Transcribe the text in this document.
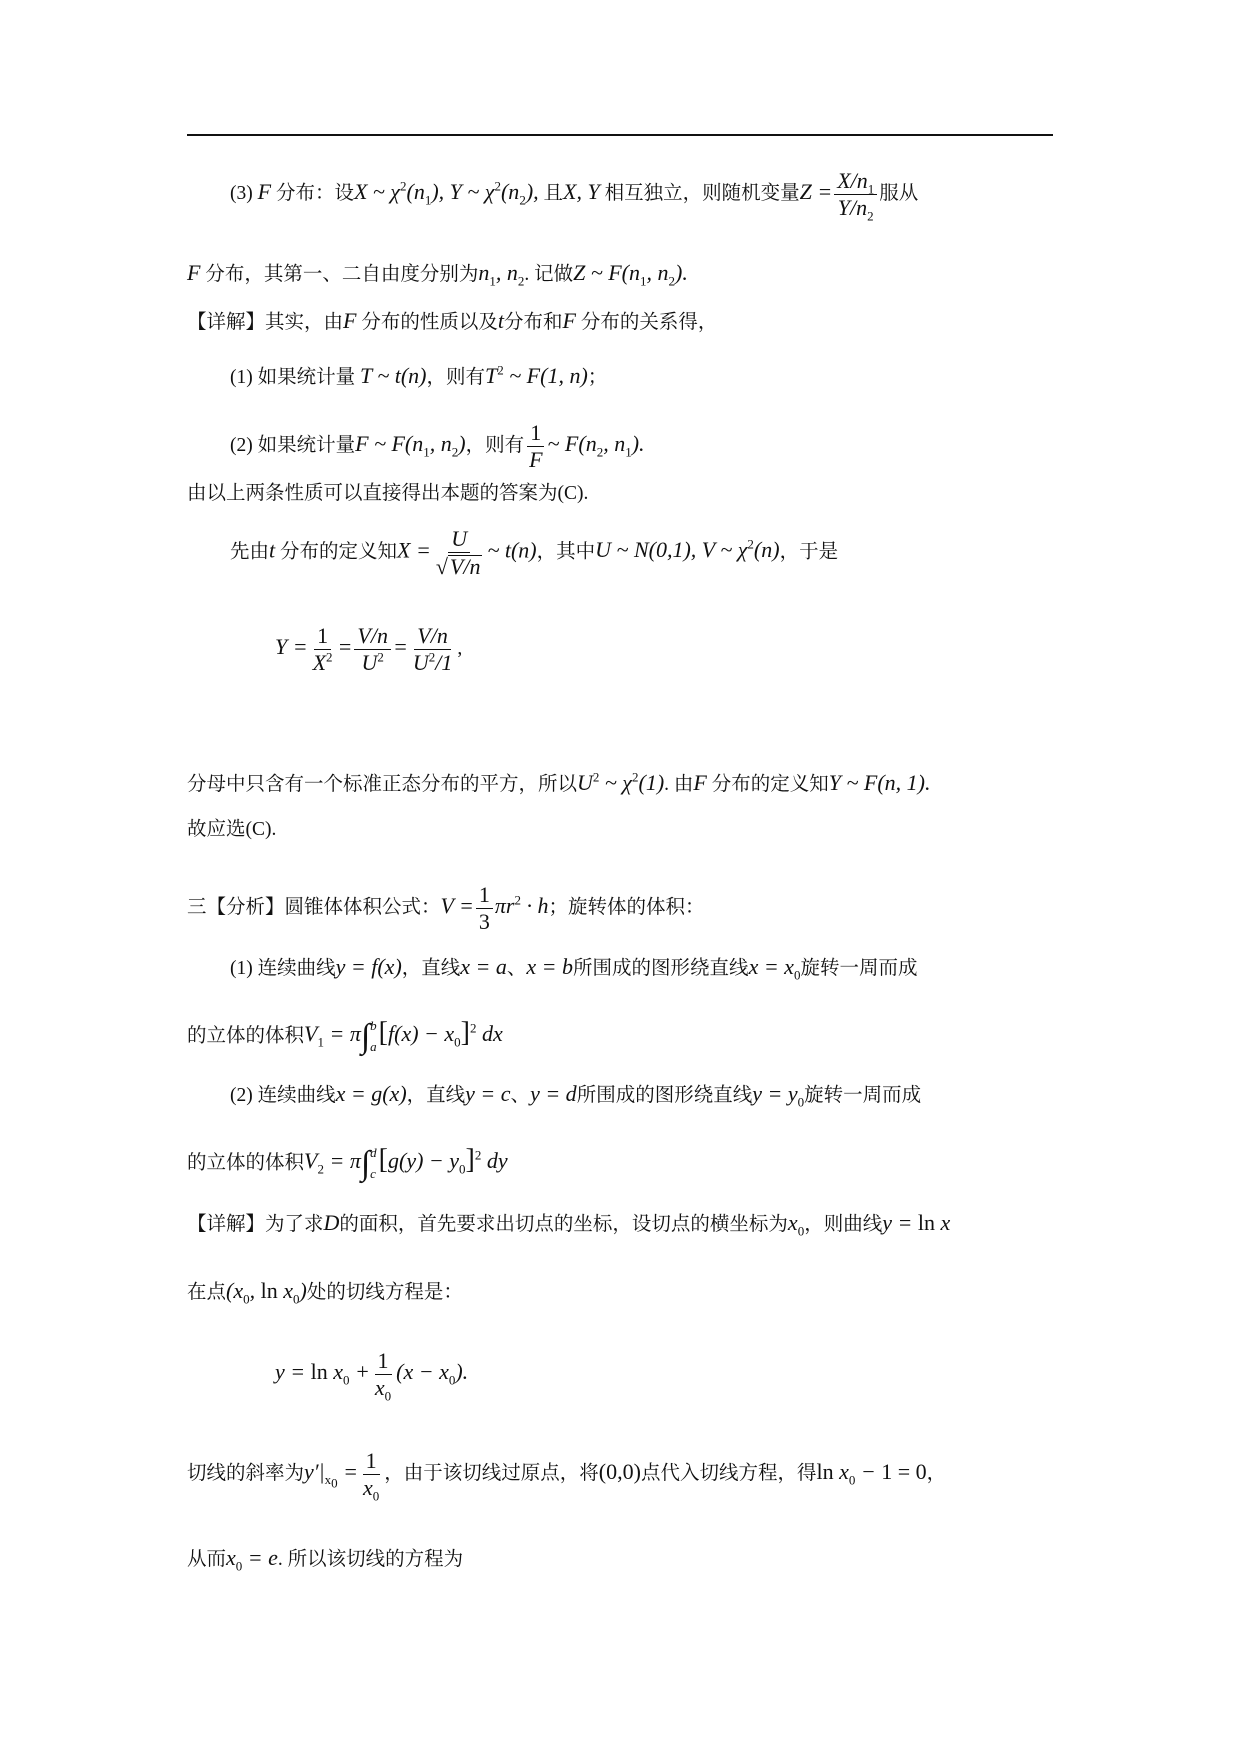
(3) F 分布：设X ~ $\chi^2(n_1)$, Y ~ $\chi^2(n_2)$, 且X, Y 相互独立，则随机变量$Z = \frac{X/n_1}{Y/n_2}$ 服从
F 分布，其第一、二自由度分别为$n_1$, $n_2$. 记做Z ~ $F(n_1$, $n_2$).
【详解】其实，由F 分布的性质以及t分布和F 分布的关系得，
(1) 如果统计量 T ~ t(n)，则有$T^2$ ~ F(1, n)；
(2) 如果统计量F ~ $F(n_1$, $n_2$)，则有 $\frac{1}{F}$ ~ $F(n_2$, $n_1$).
由以上两条性质可以直接得出本题的答案为(C).
先由t 分布的定义知$X = \frac{U}{√V/n}$ ~ t(n)，其中U ~ N(0,1), V ~ $\chi^2(n)$，于是
$Y = \frac{1}{X^2} = \frac{V/n}{U^2} = \frac{V/n}{U^2/1}$ ,
分母中只含有一个标准正态分布的平方，所以$U^2$ ~ $\chi^2(1)$. 由F 分布的定义知Y ~ F(n, 1).
故应选(C).
三【分析】圆锥体体积公式：$V = \frac{1}{3} \pi r^2 \cdot h$；旋转体的体积：
(1) 连续曲线y = f(x)，直线x = a、x = b所围成的图形绕直线$x = x_0$旋转一周而成
的立体的体积$V_1 = \pi\int$ b
a $[f(x) - x_0]^2$ dx
(2) 连续曲线x = g(x)，直线y = c、y = d所围成的图形绕直线$y = y_0$旋转一周而成
的立体的体积$V_2 = \pi\int$ d
c $[g(y) - y_0]^2$ dy
【详解】为了求D的面积，首先要求出切点的坐标，设切点的横坐标为$x_0$，则曲线y = ln x
在点($x_0$, $\ln x_0$)处的切线方程是：
$y = \ln x_0 + \frac{1}{x_0} (x - x_0)$.
切线的斜率为$y'|_{x_0} = \frac{1}{x_0}$ ，由于该切线过原点，将(0,0)点代入切线方程，得$\ln x_0 - 1 = 0$，
从而$x_0 = e$. 所以该切线的方程为
